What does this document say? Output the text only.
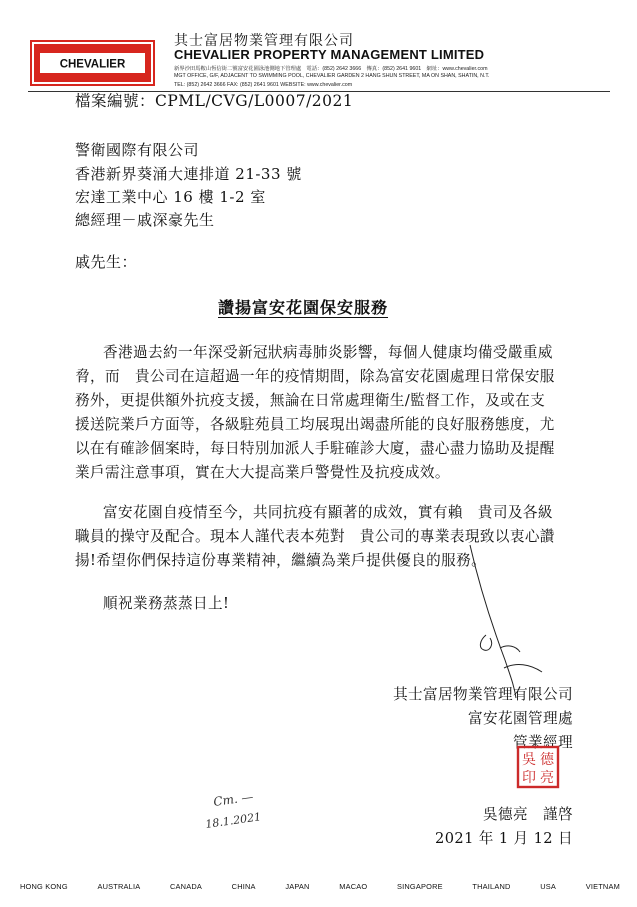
CHEVALIER
其士富居物業管理有限公司
CHEVALIER PROPERTY MANAGEMENT LIMITED
新界沙田馬鞍山恆信街二號富安花園泳池側地下管理處　電話：(852) 2642 3666　傳真：(852) 2641 9601　網址：www.chevalier.com
MGT OFFICE, G/F, ADJACENT TO SWIMMING POOL, CHEVALIER GARDEN 2 HANG SHUN STREET, MA ON SHAN, SHATIN, N.T.
TEL: (852) 2642 3666 FAX: (852) 2641 9601 WEBSITE: www.chevalier.com
檔案編號：CPML/CVG/L0007/2021
警衛國際有限公司
香港新界葵涌大連排道 21-33 號
宏達工業中心 16 樓 1-2 室
總經理－戚深豪先生
戚先生：
讚揚富安花園保安服務
香港過去約一年深受新冠狀病毒肺炎影響，每個人健康均備受嚴重威
脅，而　貴公司在這超過一年的疫情期間，除為富安花園處理日常保安服
務外，更提供額外抗疫支援，無論在日常處理衛生/監督工作，及或在支
援送院業戶方面等，各級駐苑員工均展現出竭盡所能的良好服務態度，尤
以在有確診個案時，每日特別加派人手駐確診大廈，盡心盡力協助及提醒
業戶需注意事項，實在大大提高業戶警覺性及抗疫成效。
富安花園自疫情至今，共同抗疫有顯著的成效，實有賴　貴司及各級
職員的操守及配合。現本人謹代表本苑對　貴公司的專業表現致以衷心讚
揚!希望你們保持這份專業精神，繼續為業戶提供優良的服務。
順祝業務蒸蒸日上!
其士富居物業管理有限公司
富安花園管理處
管業經理
德
吳
亮
印
Cm. —
18.1.2021	吳德亮　謹啓
2021 年 1 月 12 日
HONG KONG	AUSTRALIA	CANADA	CHINA	JAPAN	MACAO	SINGAPORE	THAILAND	USA	VIETNAM
